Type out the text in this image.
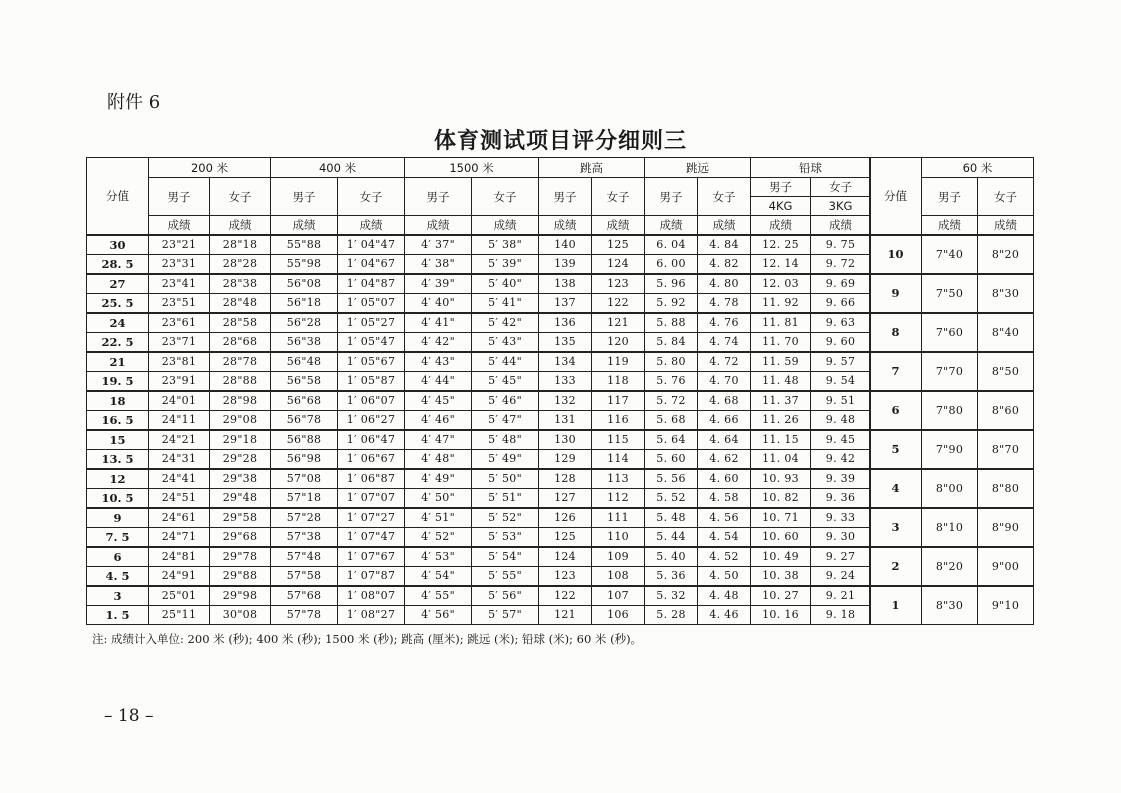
附件 6
体育测试项目评分细则三
分值	200 米		400 米		1500 米		跳高		跳远		铅球	
	男子	女子	男子	女子	男子	女子	男子	女子	男子	女子	男子	女子
											4KG	3KG
	成绩	成绩	成绩	成绩	成绩	成绩	成绩	成绩	成绩	成绩	成绩	成绩
30	23"21	28"18	55"88	1′ 04"47	4′ 37"	5′ 38"	140	125	6. 04	4. 84	12. 25	9. 75
28. 5	23"31	28"28	55"98	1′ 04"67	4′ 38"	5′ 39"	139	124	6. 00	4. 82	12. 14	9. 72
27	23"41	28"38	56"08	1′ 04"87	4′ 39"	5′ 40"	138	123	5. 96	4. 80	12. 03	9. 69
25. 5	23"51	28"48	56"18	1′ 05"07	4′ 40"	5′ 41"	137	122	5. 92	4. 78	11. 92	9. 66
24	23"61	28"58	56"28	1′ 05"27	4′ 41"	5′ 42"	136	121	5. 88	4. 76	11. 81	9. 63
22. 5	23"71	28"68	56"38	1′ 05"47	4′ 42"	5′ 43"	135	120	5. 84	4. 74	11. 70	9. 60
21	23"81	28"78	56"48	1′ 05"67	4′ 43"	5′ 44"	134	119	5. 80	4. 72	11. 59	9. 57
19. 5	23"91	28"88	56"58	1′ 05"87	4′ 44"	5′ 45"	133	118	5. 76	4. 70	11. 48	9. 54
18	24"01	28"98	56"68	1′ 06"07	4′ 45"	5′ 46"	132	117	5. 72	4. 68	11. 37	9. 51
16. 5	24"11	29"08	56"78	1′ 06"27	4′ 46"	5′ 47"	131	116	5. 68	4. 66	11. 26	9. 48
15	24"21	29"18	56"88	1′ 06"47	4′ 47"	5′ 48"	130	115	5. 64	4. 64	11. 15	9. 45
13. 5	24"31	29"28	56"98	1′ 06"67	4′ 48"	5′ 49"	129	114	5. 60	4. 62	11. 04	9. 42
12	24"41	29"38	57"08	1′ 06"87	4′ 49"	5′ 50"	128	113	5. 56	4. 60	10. 93	9. 39
10. 5	24"51	29"48	57"18	1′ 07"07	4′ 50"	5′ 51"	127	112	5. 52	4. 58	10. 82	9. 36
9	24"61	29"58	57"28	1′ 07"27	4′ 51"	5′ 52"	126	111	5. 48	4. 56	10. 71	9. 33
7. 5	24"71	29"68	57"38	1′ 07"47	4′ 52"	5′ 53"	125	110	5. 44	4. 54	10. 60	9. 30
6	24"81	29"78	57"48	1′ 07"67	4′ 53"	5′ 54"	124	109	5. 40	4. 52	10. 49	9. 27
4. 5	24"91	29"88	57"58	1′ 07"87	4′ 54"	5′ 55"	123	108	5. 36	4. 50	10. 38	9. 24
3	25"01	29"98	57"68	1′ 08"07	4′ 55"	5′ 56"	122	107	5. 32	4. 48	10. 27	9. 21
1. 5	25"11	30"08	57"78	1′ 08"27	4′ 56"	5′ 57"	121	106	5. 28	4. 46	10. 16	9. 18
分值	60 米	
	男子	女子

	成绩	成绩
10	7"40	8"20
9	7"50	8"30
8	7"60	8"40
7	7"70	8"50
6	7"80	8"60
5	7"90	8"70
4	8"00	8"80
3	8"10	8"90
2	8"20	9"00
1	8"30	9"10
注: 成绩计入单位: 200 米 (秒); 400 米 (秒); 1500 米 (秒); 跳高 (厘米); 跳远 (米); 铅球 (米); 60 米 (秒)。
– 18 –
